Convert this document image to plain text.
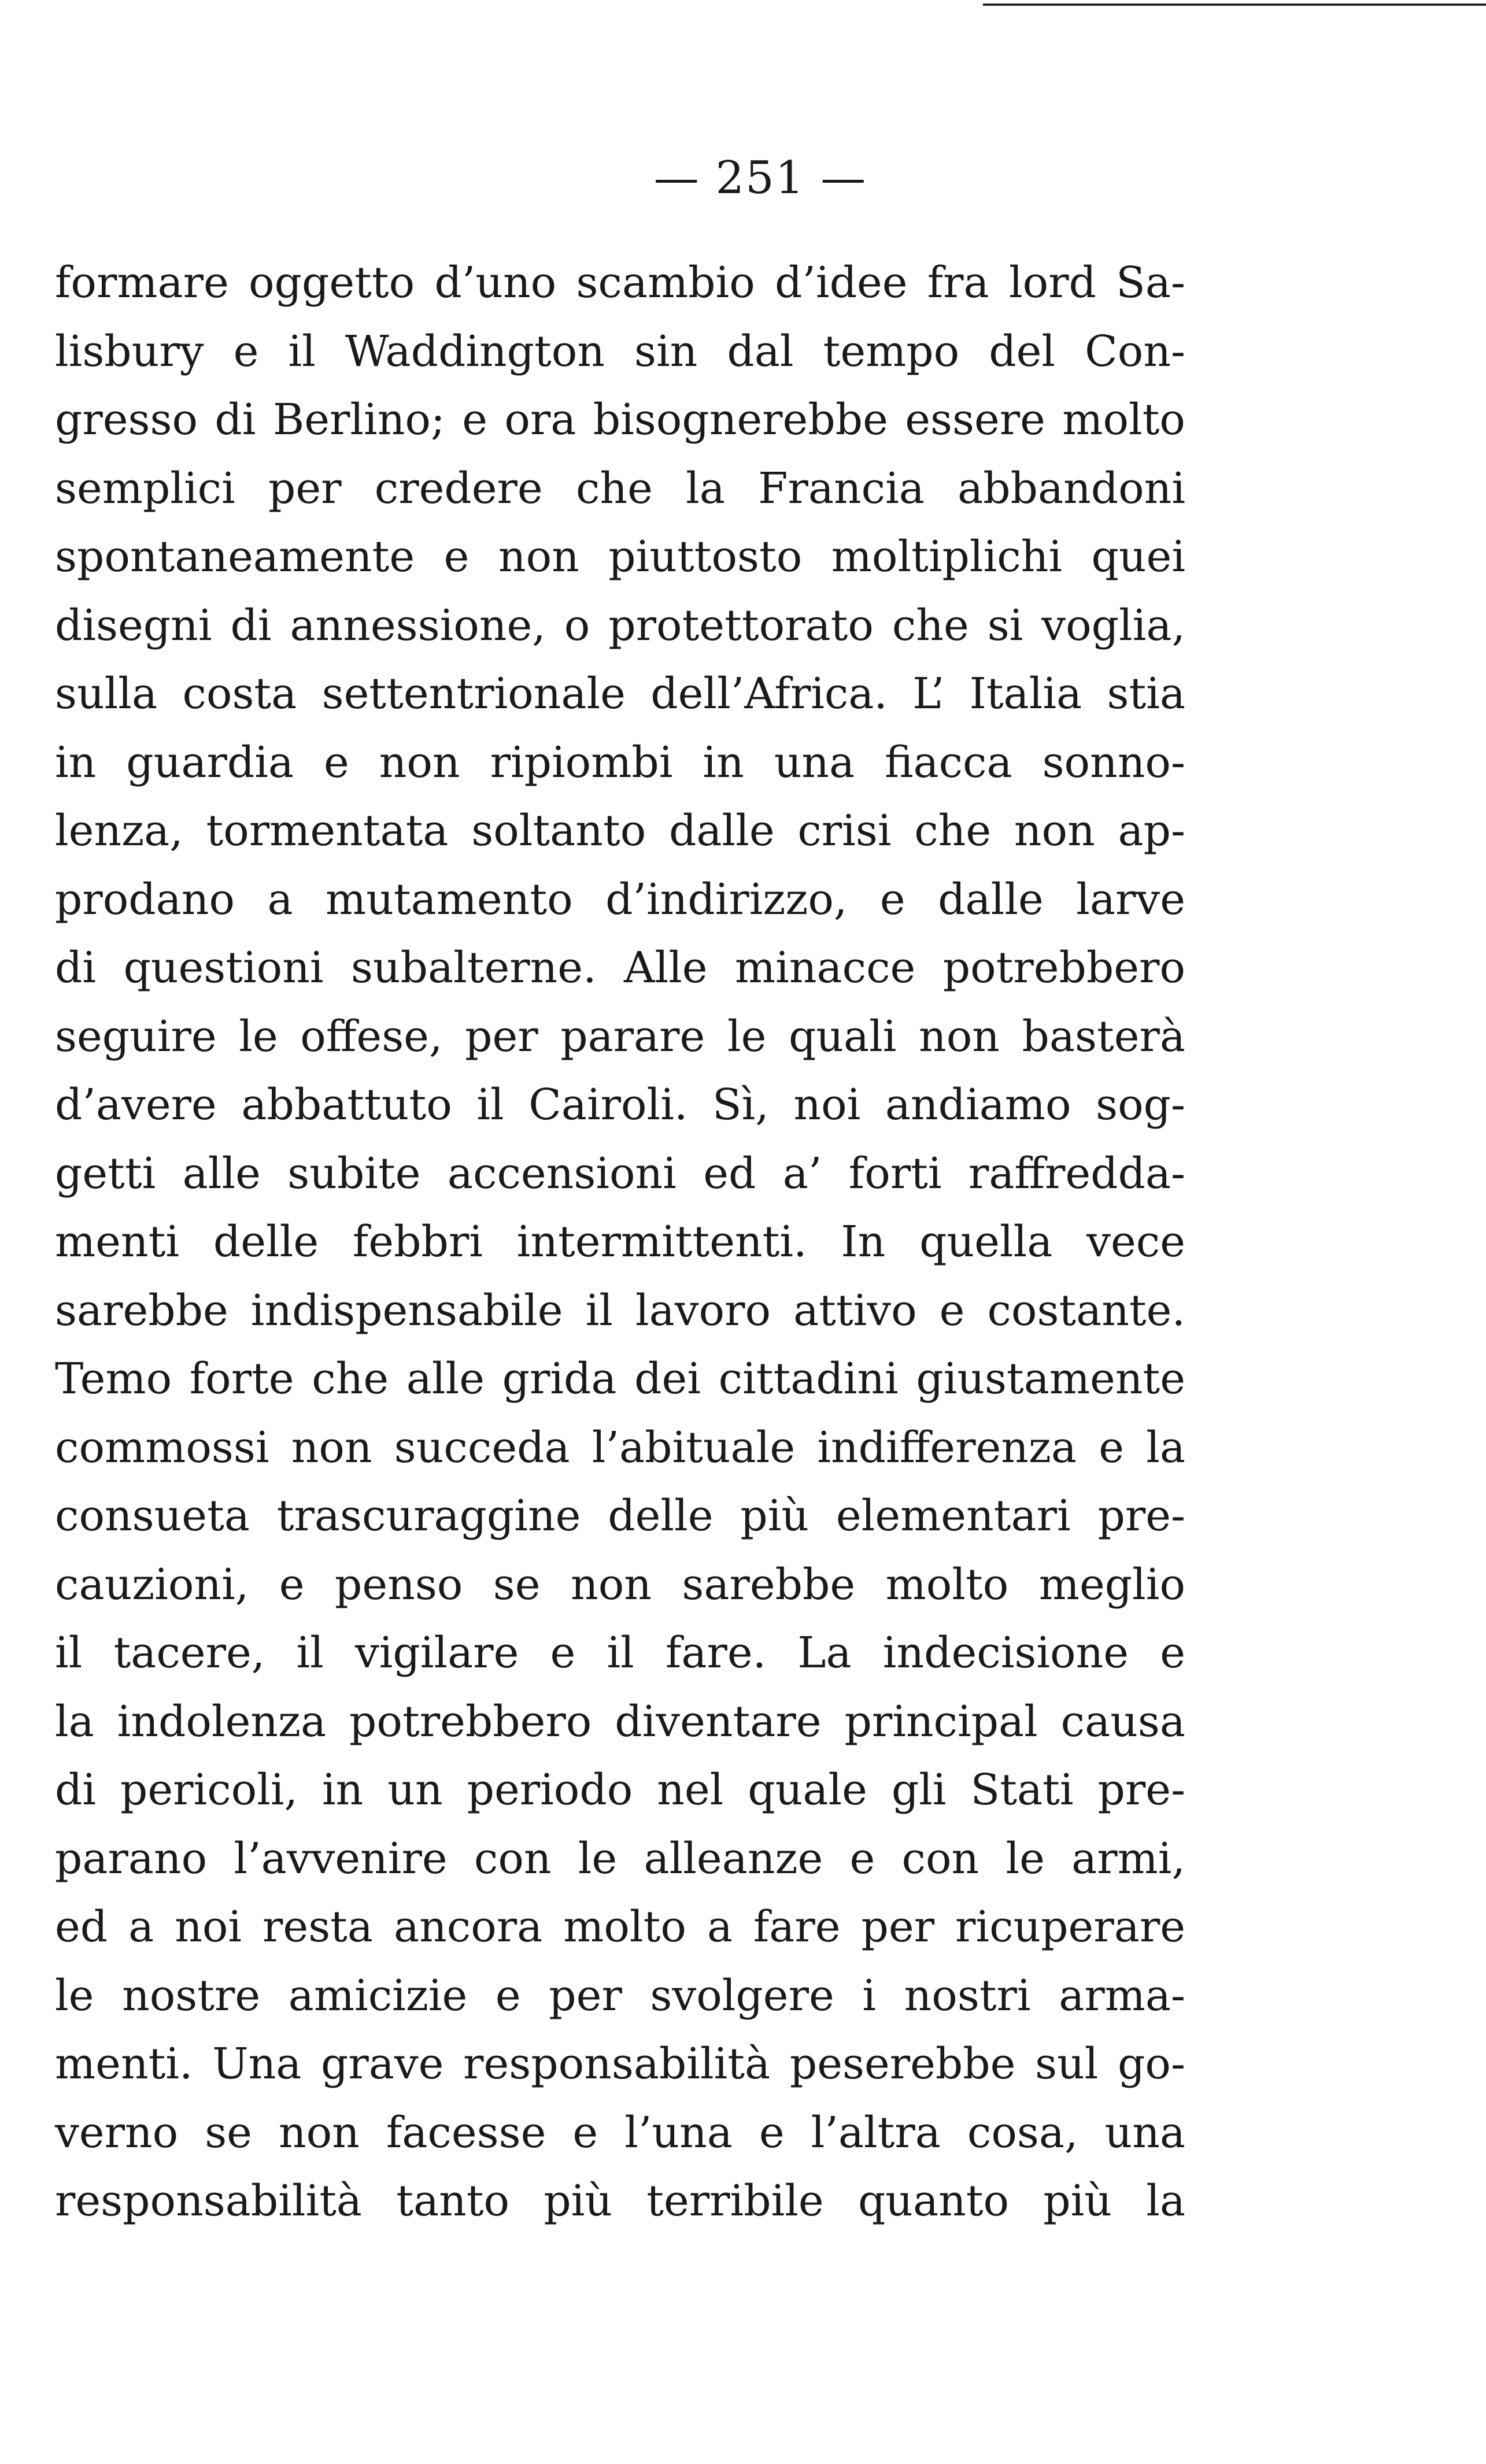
— 251 —
formare oggetto d’uno scambio d’idee fra lord Sa-
lisbury e il Waddington sin dal tempo del Con-
gresso di Berlino; e ora bisognerebbe essere molto
semplici per credere che la Francia abbandoni
spontaneamente e non piuttosto moltiplichi quei
disegni di annessione, o protettorato che si voglia,
sulla costa settentrionale dell’Africa. L’ Italia stia
in guardia e non ripiombi in una fiacca sonno-
lenza, tormentata soltanto dalle crisi che non ap-
prodano a mutamento d’indirizzo, e dalle larve
di questioni subalterne. Alle minacce potrebbero
seguire le offese, per parare le quali non basterà
d’avere abbattuto il Cairoli. Sì, noi andiamo sog-
getti alle subite accensioni ed a’ forti raffredda-
menti delle febbri intermittenti. In quella vece
sarebbe indispensabile il lavoro attivo e costante.
Temo forte che alle grida dei cittadini giustamente
commossi non succeda l’abituale indifferenza e la
consueta trascuraggine delle più elementari pre-
cauzioni, e penso se non sarebbe molto meglio
il tacere, il vigilare e il fare. La indecisione e
la indolenza potrebbero diventare principal causa
di pericoli, in un periodo nel quale gli Stati pre-
parano l’avvenire con le alleanze e con le armi,
ed a noi resta ancora molto a fare per ricuperare
le nostre amicizie e per svolgere i nostri arma-
menti. Una grave responsabilità peserebbe sul go-
verno se non facesse e l’una e l’altra cosa, una
responsabilità tanto più terribile quanto più la
